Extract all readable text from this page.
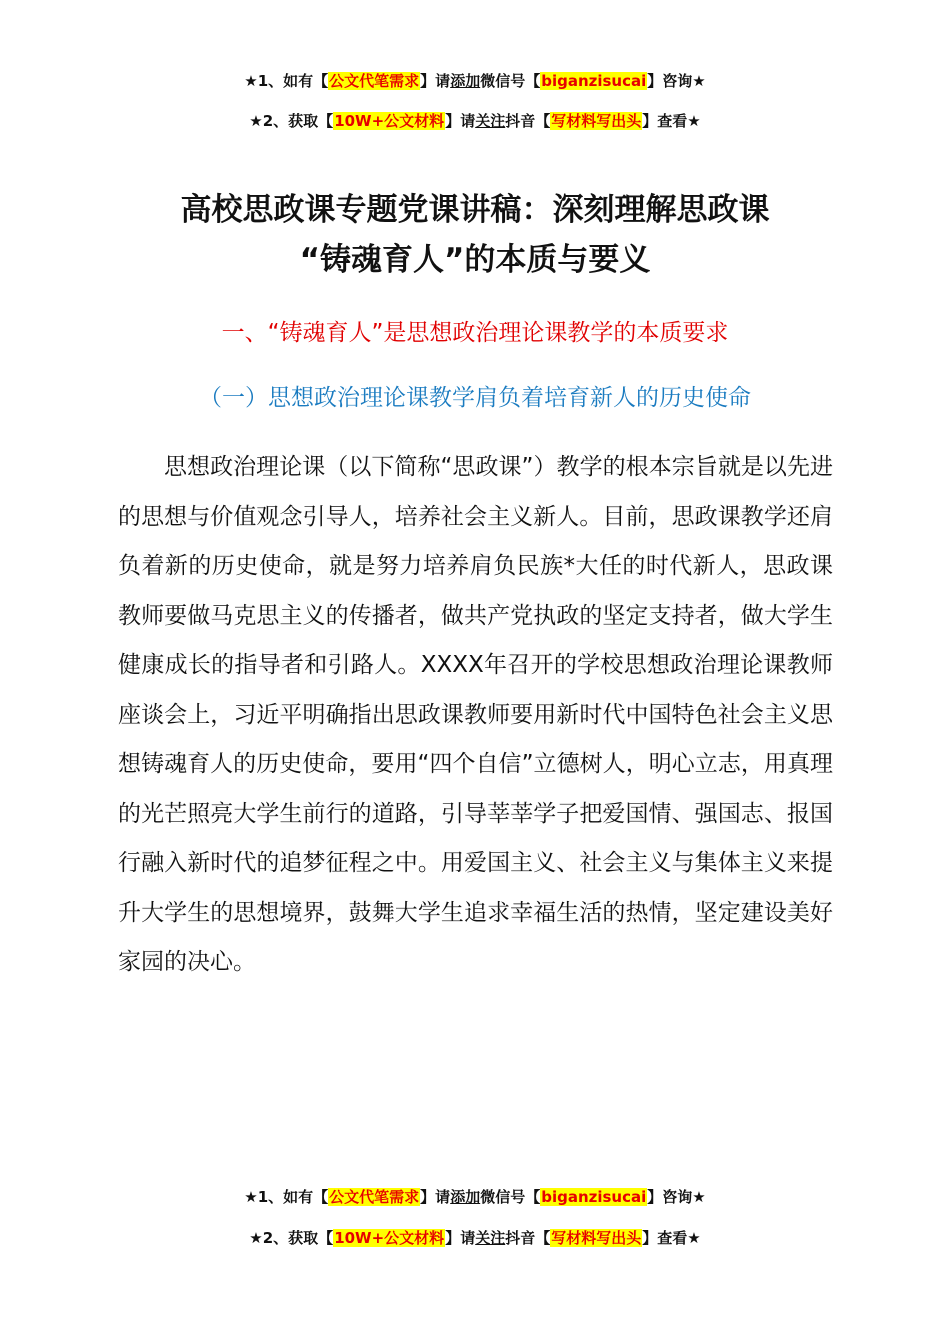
★1、如有【公文代笔需求】请添加微信号【biganzisucai】咨询★
★2、获取【10W+公文材料】请关注抖音【写材料写出头】查看★
高校思政课专题党课讲稿：深刻理解思政课
“铸魂育人”的本质与要义
一、“铸魂育人”是思想政治理论课教学的本质要求
（一）思想政治理论课教学肩负着培育新人的历史使命

思想政治理论课（以下简称“思政课”）教学的根本宗旨就是以先进的思想与价值观念引导人，培养社会主义新人。目前，思政课教学还肩负着新的历史使命，就是努力培养肩负民族*大任的时代新人，思政课教师要做马克思主义的传播者，做共产党执政的坚定支持者，做大学生健康成长的指导者和引路人。XXXX年召开的学校思想政治理论课教师座谈会上，习近平明确指出思政课教师要用新时代中国特色社会主义思想铸魂育人的历史使命，要用“四个自信”立德树人，明心立志，用真理的光芒照亮大学生前行的道路，引导莘莘学子把爱国情、强国志、报国行融入新时代的追梦征程之中。用爱国主义、社会主义与集体主义来提升大学生的思想境界，鼓舞大学生追求幸福生活的热情，坚定建设美好家园的决心。

★1、如有【公文代笔需求】请添加微信号【biganzisucai】咨询★
★2、获取【10W+公文材料】请关注抖音【写材料写出头】查看★
